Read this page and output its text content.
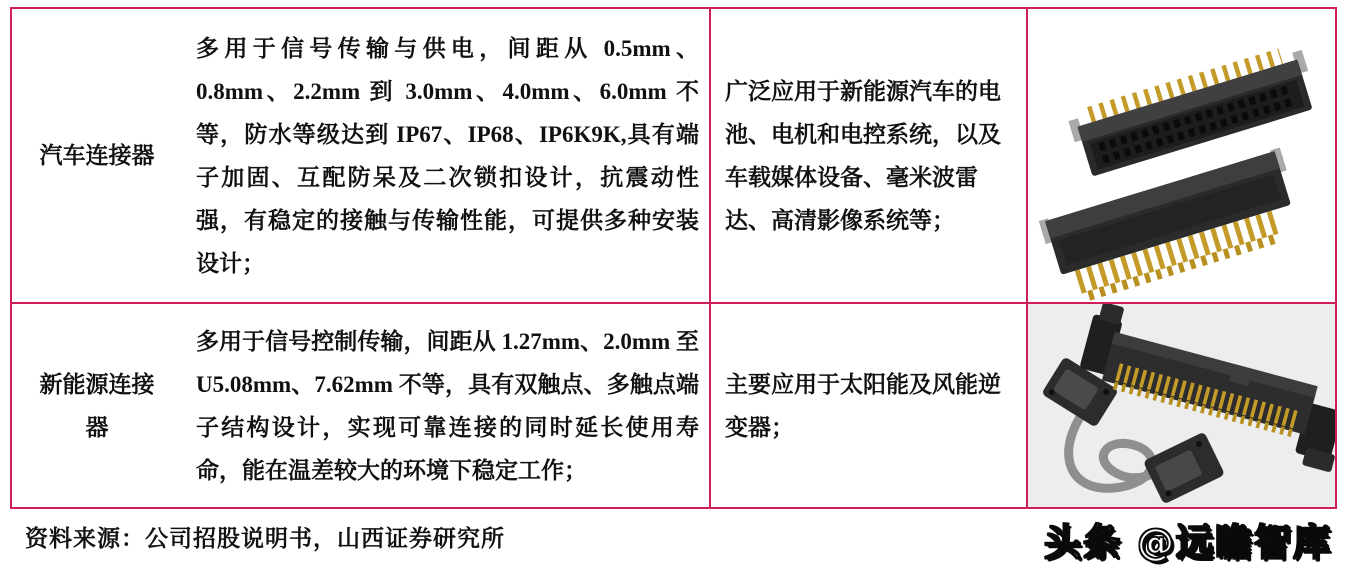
汽车连接器

多用于信号传输与供电，间距从 0.5mm、0.8mm、2.2mm 到 3.0mm、4.0mm、6.0mm 不等，防水等级达到 IP67、IP68、IP6K9K,具有端子加固、互配防呆及二次锁扣设计，抗震动性强，有稳定的接触与传输性能，可提供多种安装设计；

广泛应用于新能源汽车的电池、电机和电控系统，以及车载媒体设备、毫米波雷达、高清影像系统等；

新能源连接器

多用于信号控制传输，间距从 1.27mm、2.0mm 至 U5.08mm、7.62mm 不等，具有双触点、多触点端子结构设计，实现可靠连接的同时延长使用寿命，能在温差较大的环境下稳定工作；

主要应用于太阳能及风能逆变器；

资料来源：公司招股说明书，山西证券研究所	头条 @远瞻智库
